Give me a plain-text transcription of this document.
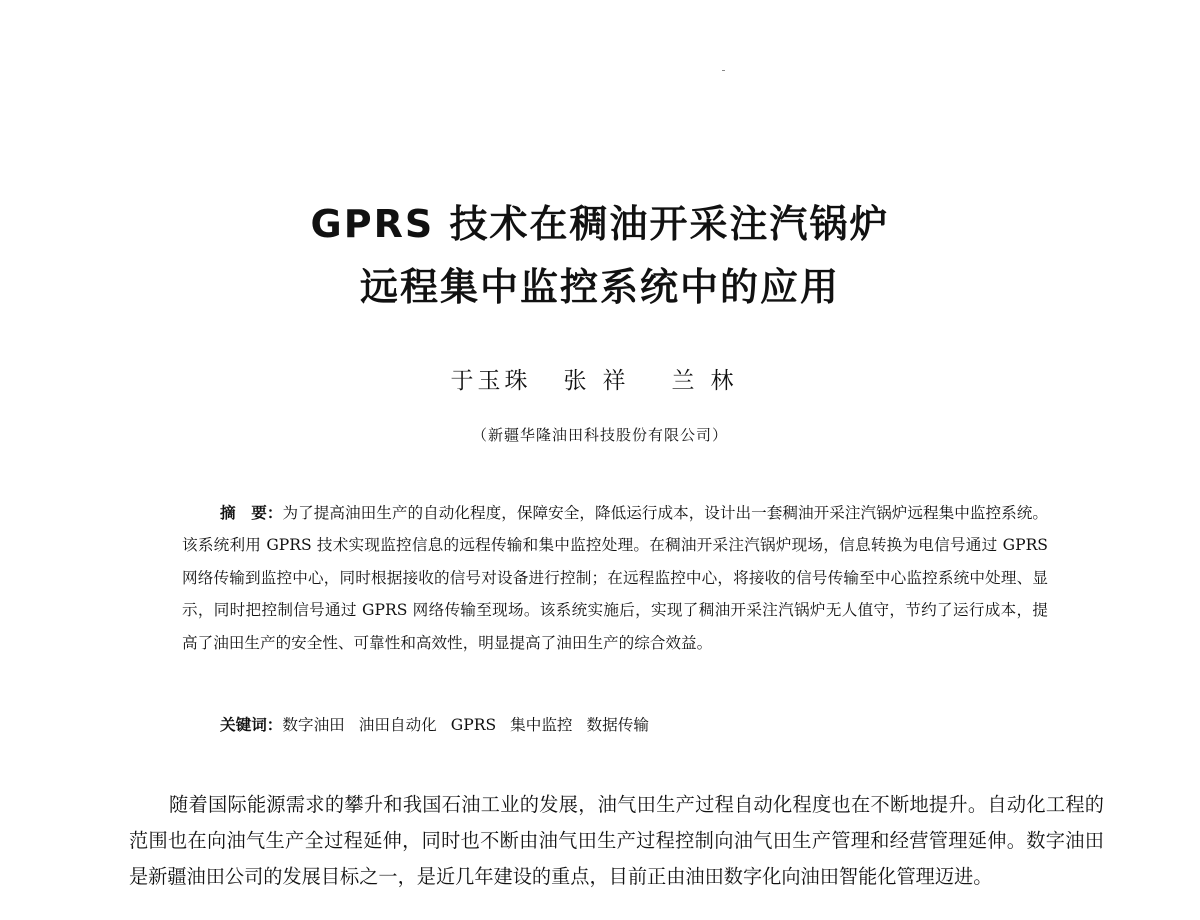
GPRS 技术在稠油开采注汽锅炉
远程集中监控系统中的应用
于玉珠 张祥 兰林
（新疆华隆油田科技股份有限公司）

摘　要：为了提高油田生产的自动化程度，保障安全，降低运行成本，设计出一套稠油开采注汽锅炉远程集中监控系统。该系统利用 GPRS 技术实现监控信息的远程传输和集中监控处理。在稠油开采注汽锅炉现场，信息转换为电信号通过 GPRS 网络传输到监控中心，同时根据接收的信号对设备进行控制；在远程监控中心，将接收的信号传输至中心监控系统中处理、显示，同时把控制信号通过 GPRS 网络传输至现场。该系统实施后，实现了稠油开采注汽锅炉无人值守，节约了运行成本，提高了油田生产的安全性、可靠性和高效性，明显提高了油田生产的综合效益。

关键词：数字油田 油田自动化 GPRS 集中监控 数据传输

随着国际能源需求的攀升和我国石油工业的发展，油气田生产过程自动化程度也在不断地提升。自动化工程的范围也在向油气生产全过程延伸，同时也不断由油气田生产过程控制向油气田生产管理和经营管理延伸。数字油田是新疆油田公司的发展目标之一，是近几年建设的重点，目前正由油田数字化向油田智能化管理迈进。
